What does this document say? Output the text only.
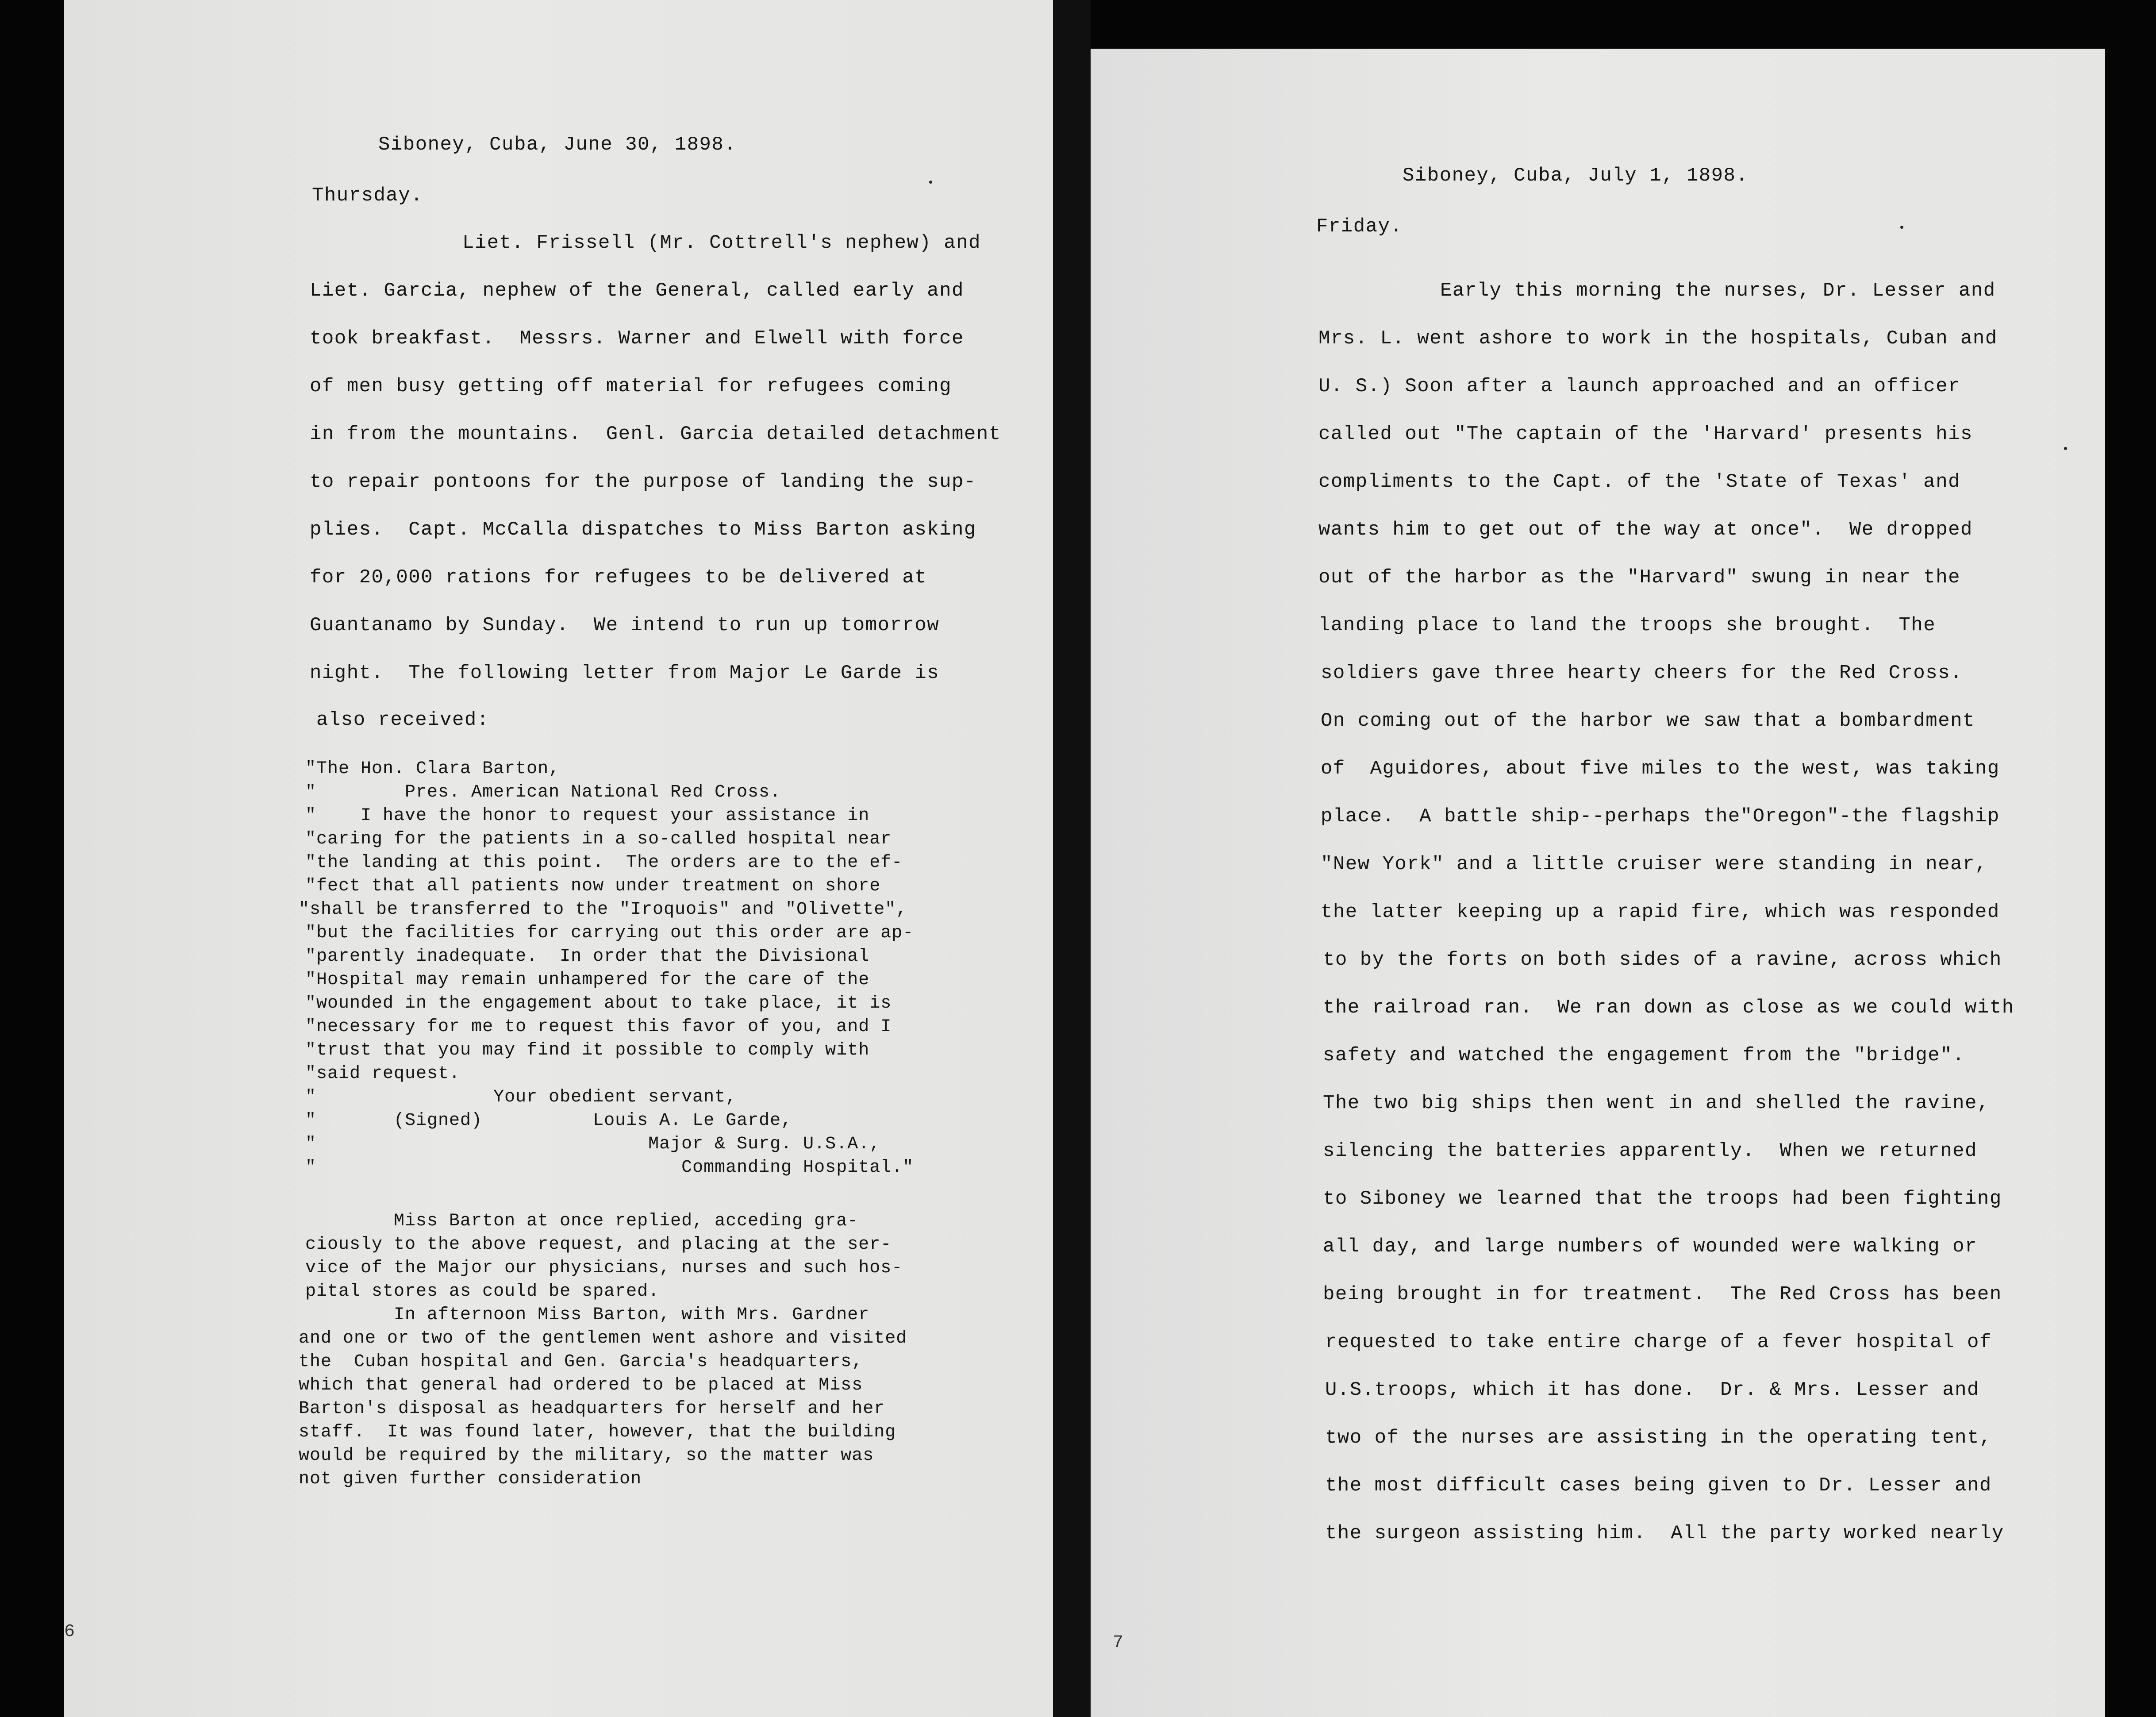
Siboney, Cuba, June 30, 1898.
Thursday.
Liet. Frissell (Mr. Cottrell's nephew) and
Liet. Garcia, nephew of the General, called early and
took breakfast.  Messrs. Warner and Elwell with force
of men busy getting off material for refugees coming
in from the mountains.  Genl. Garcia detailed detachment
to repair pontoons for the purpose of landing the sup-
plies.  Capt. McCalla dispatches to Miss Barton asking
for 20,000 rations for refugees to be delivered at
Guantanamo by Sunday.  We intend to run up tomorrow
night.  The following letter from Major Le Garde is
also received:
"The Hon. Clara Barton,
"        Pres. American National Red Cross.
"    I have the honor to request your assistance in
"caring for the patients in a so-called hospital near
"the landing at this point.  The orders are to the ef-
"fect that all patients now under treatment on shore
"shall be transferred to the "Iroquois" and "Olivette",
"but the facilities for carrying out this order are ap-
"parently inadequate.  In order that the Divisional
"Hospital may remain unhampered for the care of the
"wounded in the engagement about to take place, it is
"necessary for me to request this favor of you, and I
"trust that you may find it possible to comply with
"said request.
"                Your obedient servant,
"       (Signed)          Louis A. Le Garde,
"                              Major & Surg. U.S.A.,
"                                 Commanding Hospital."
Miss Barton at once replied, acceding gra-
ciously to the above request, and placing at the ser-
vice of the Major our physicians, nurses and such hos-
pital stores as could be spared.
In afternoon Miss Barton, with Mrs. Gardner
and one or two of the gentlemen went ashore and visited
the  Cuban hospital and Gen. Garcia's headquarters,
which that general had ordered to be placed at Miss
Barton's disposal as headquarters for herself and her
staff.  It was found later, however, that the building
would be required by the military, so the matter was
not given further consideration
6
Siboney, Cuba, July 1, 1898.
Friday.
Early this morning the nurses, Dr. Lesser and
Mrs. L. went ashore to work in the hospitals, Cuban and
U. S.) Soon after a launch approached and an officer
called out "The captain of the 'Harvard' presents his
compliments to the Capt. of the 'State of Texas' and
wants him to get out of the way at once".  We dropped
out of the harbor as the "Harvard" swung in near the
landing place to land the troops she brought.  The
soldiers gave three hearty cheers for the Red Cross.
On coming out of the harbor we saw that a bombardment
of  Aguidores, about five miles to the west, was taking
place.  A battle ship--perhaps the"Oregon"-the flagship
"New York" and a little cruiser were standing in near,
the latter keeping up a rapid fire, which was responded
to by the forts on both sides of a ravine, across which
the railroad ran.  We ran down as close as we could with
safety and watched the engagement from the "bridge".
The two big ships then went in and shelled the ravine,
silencing the batteries apparently.  When we returned
to Siboney we learned that the troops had been fighting
all day, and large numbers of wounded were walking or
being brought in for treatment.  The Red Cross has been
requested to take entire charge of a fever hospital of
U.S.troops, which it has done.  Dr. & Mrs. Lesser and
two of the nurses are assisting in the operating tent,
the most difficult cases being given to Dr. Lesser and
the surgeon assisting him.  All the party worked nearly
7
